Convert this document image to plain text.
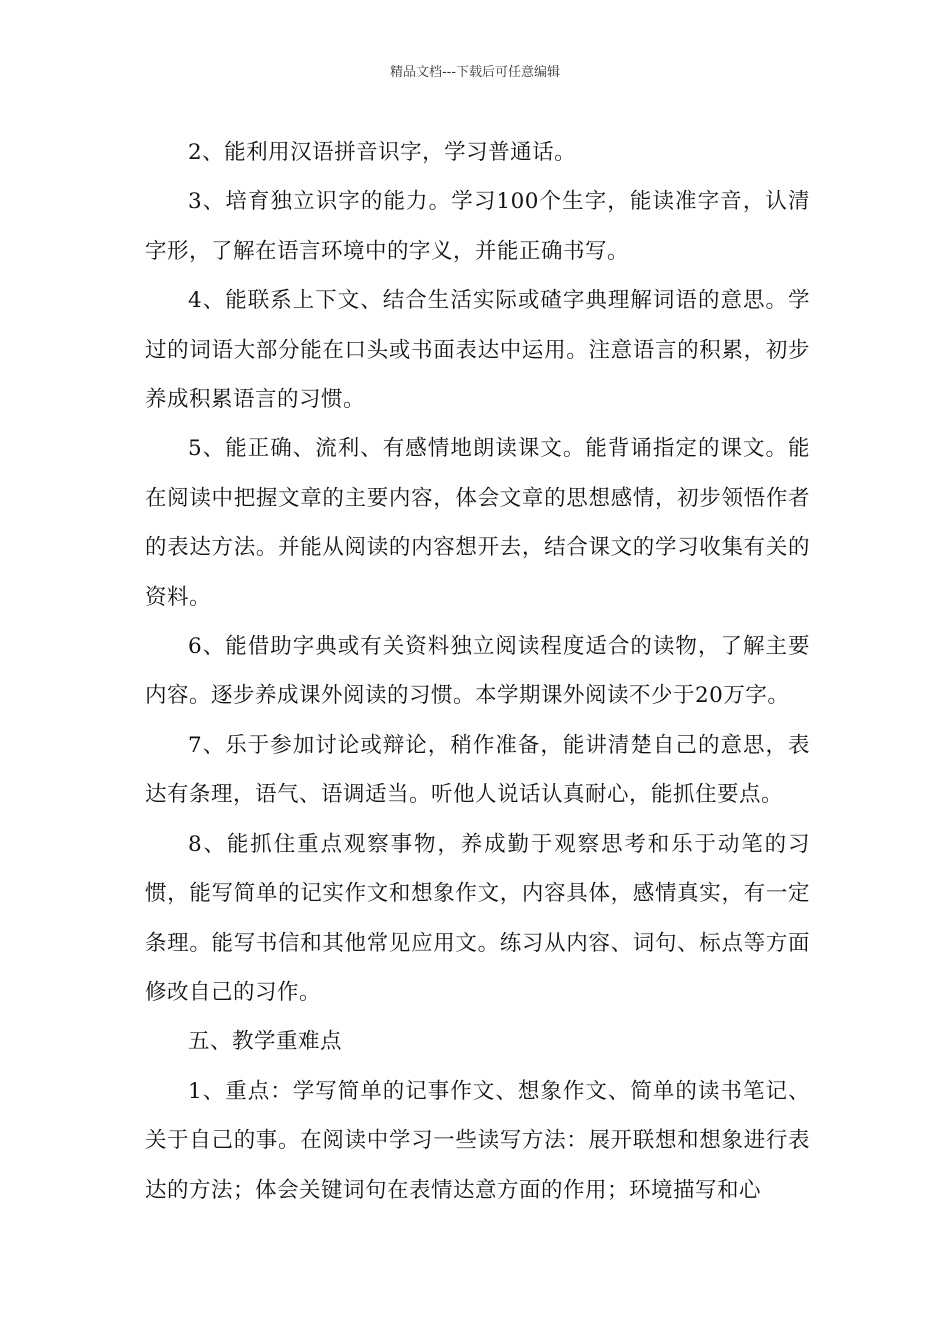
精品文档---下载后可任意编辑

2、能利用汉语拼音识字，学习普通话。

3、培育独立识字的能力。学习100个生字，能读准字音，认清字形，了解在语言环境中的字义，并能正确书写。

4、能联系上下文、结合生活实际或碴字典理解词语的意思。学过的词语大部分能在口头或书面表达中运用。注意语言的积累，初步养成积累语言的习惯。

5、能正确、流利、有感情地朗读课文。能背诵指定的课文。能在阅读中把握文章的主要内容，体会文章的思想感情，初步领悟作者的表达方法。并能从阅读的内容想开去，结合课文的学习收集有关的资料。

6、能借助字典或有关资料独立阅读程度适合的读物，了解主要内容。逐步养成课外阅读的习惯。本学期课外阅读不少于20万字。

7、乐于参加讨论或辩论，稍作准备，能讲清楚自己的意思，表达有条理，语气、语调适当。听他人说话认真耐心，能抓住要点。

8、能抓住重点观察事物，养成勤于观察思考和乐于动笔的习惯，能写简单的记实作文和想象作文，内容具体，感情真实，有一定条理。能写书信和其他常见应用文。练习从内容、词句、标点等方面修改自己的习作。

五、教学重难点

1、重点：学写简单的记事作文、想象作文、简单的读书笔记、关于自己的事。在阅读中学习一些读写方法：展开联想和想象进行表达的方法；体会关键词句在表情达意方面的作用；环境描写和心
